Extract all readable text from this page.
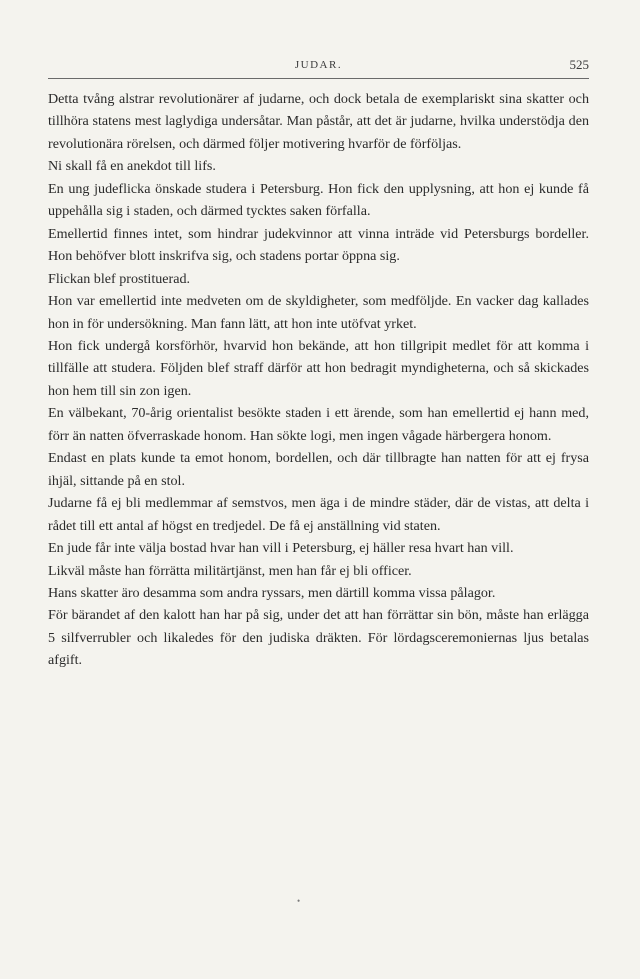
JUDAR.	525

Detta tvång alstrar revolutionärer af judarne, och dock betala de exemplariskt sina skatter och tillhöra statens mest laglydiga undersåtar. Man påstår, att det är judarne, hvilka understödja den revolutionära rörelsen, och därmed följer motivering hvarför de förföljas.

Ni skall få en anekdot till lifs.

En ung judeflicka önskade studera i Petersburg. Hon fick den upplysning, att hon ej kunde få uppehålla sig i staden, och därmed tycktes saken förfalla.

Emellertid finnes intet, som hindrar judekvinnor att vinna inträde vid Petersburgs bordeller. Hon behöfver blott inskrifva sig, och stadens portar öppna sig.

Flickan blef prostituerad.

Hon var emellertid inte medveten om de skyldigheter, som medföljde. En vacker dag kallades hon in för undersökning. Man fann lätt, att hon inte utöfvat yrket.

Hon fick undergå korsförhör, hvarvid hon bekände, att hon tillgripit medlet för att komma i tillfälle att studera. Följden blef straff därför att hon bedragit myndigheterna, och så skickades hon hem till sin zon igen.

En välbekant, 70-årig orientalist besökte staden i ett ärende, som han emellertid ej hann med, förr än natten öfverraskade honom. Han sökte logi, men ingen vågade härbergera honom.

Endast en plats kunde ta emot honom, bordellen, och där tillbragte han natten för att ej frysa ihjäl, sittande på en stol.

Judarne få ej bli medlemmar af semstvos, men äga i de mindre städer, där de vistas, att delta i rådet till ett antal af högst en tredjedel. De få ej anställning vid staten.

En jude får inte välja bostad hvar han vill i Petersburg, ej häller resa hvart han vill.

Likväl måste han förrätta militärtjänst, men han får ej bli officer.

Hans skatter äro desamma som andra ryssars, men därtill komma vissa pålagor.

För bärandet af den kalott han har på sig, under det att han förrättar sin bön, måste han erlägga 5 silfverrubler och likaledes för den judiska dräkten. För lördagsceremoniernas ljus betalas afgift.

•
